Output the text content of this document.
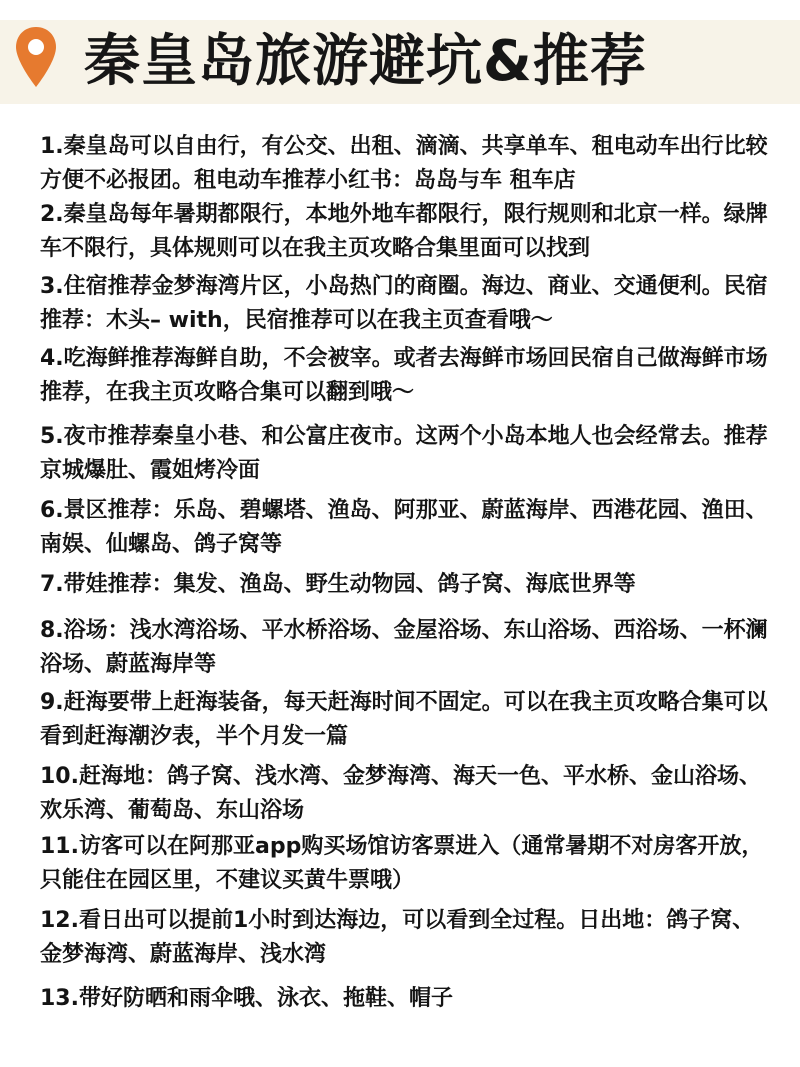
秦皇岛旅游避坑&推荐
1.秦皇岛可以自由行，有公交、出租、滴滴、共享单车、租电动车出行比较方便不必报团。租电动车推荐小红书：岛岛与车 租车店
2.秦皇岛每年暑期都限行，本地外地车都限行，限行规则和北京一样。绿牌车不限行，具体规则可以在我主页攻略合集里面可以找到
3.住宿推荐金梦海湾片区，小岛热门的商圈。海边、商业、交通便利。民宿推荐：木头– with，民宿推荐可以在我主页查看哦～
4.吃海鲜推荐海鲜自助，不会被宰。或者去海鲜市场回民宿自己做海鲜市场推荐，在我主页攻略合集可以翻到哦～
5.夜市推荐秦皇小巷、和公富庄夜市。这两个小岛本地人也会经常去。推荐京城爆肚、霞姐烤冷面
6.景区推荐：乐岛、碧螺塔、渔岛、阿那亚、蔚蓝海岸、西港花园、渔田、南娱、仙螺岛、鸽子窝等
7.带娃推荐：集发、渔岛、野生动物园、鸽子窝、海底世界等
8.浴场：浅水湾浴场、平水桥浴场、金屋浴场、东山浴场、西浴场、一杯澜浴场、蔚蓝海岸等
9.赶海要带上赶海装备，每天赶海时间不固定。可以在我主页攻略合集可以看到赶海潮汐表，半个月发一篇
10.赶海地：鸽子窝、浅水湾、金梦海湾、海天一色、平水桥、金山浴场、欢乐湾、葡萄岛、东山浴场
11.访客可以在阿那亚app购买场馆访客票进入（通常暑期不对房客开放，只能住在园区里，不建议买黄牛票哦）
12.看日出可以提前1小时到达海边，可以看到全过程。日出地：鸽子窝、金梦海湾、蔚蓝海岸、浅水湾
13.带好防晒和雨伞哦、泳衣、拖鞋、帽子
